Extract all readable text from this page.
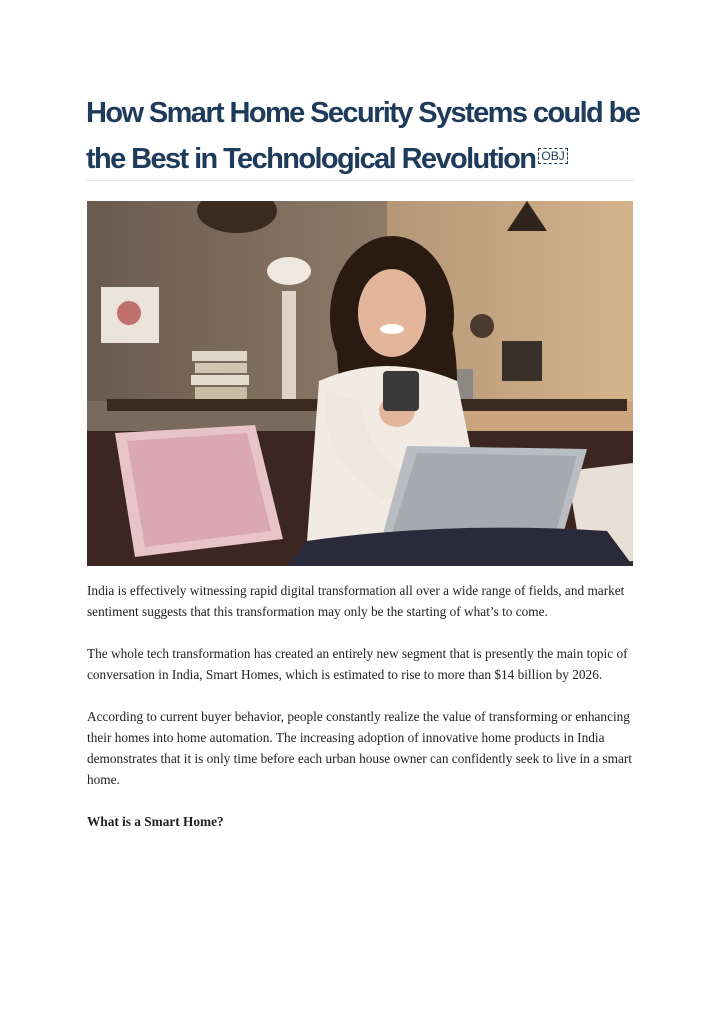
How Smart Home Security Systems could be
the Best in Technological Revolution OBJ

India is effectively witnessing rapid digital transformation all over a wide range of fields, and market sentiment suggests that this transformation may only be the starting of what’s to come.

The whole tech transformation has created an entirely new segment that is presently the main topic of conversation in India, Smart Homes, which is estimated to rise to more than $14 billion by 2026.

According to current buyer behavior, people constantly realize the value of transforming or enhancing their homes into home automation. The increasing adoption of innovative home products in India demonstrates that it is only time before each urban house owner can confidently seek to live in a smart home.

What is a Smart Home?
